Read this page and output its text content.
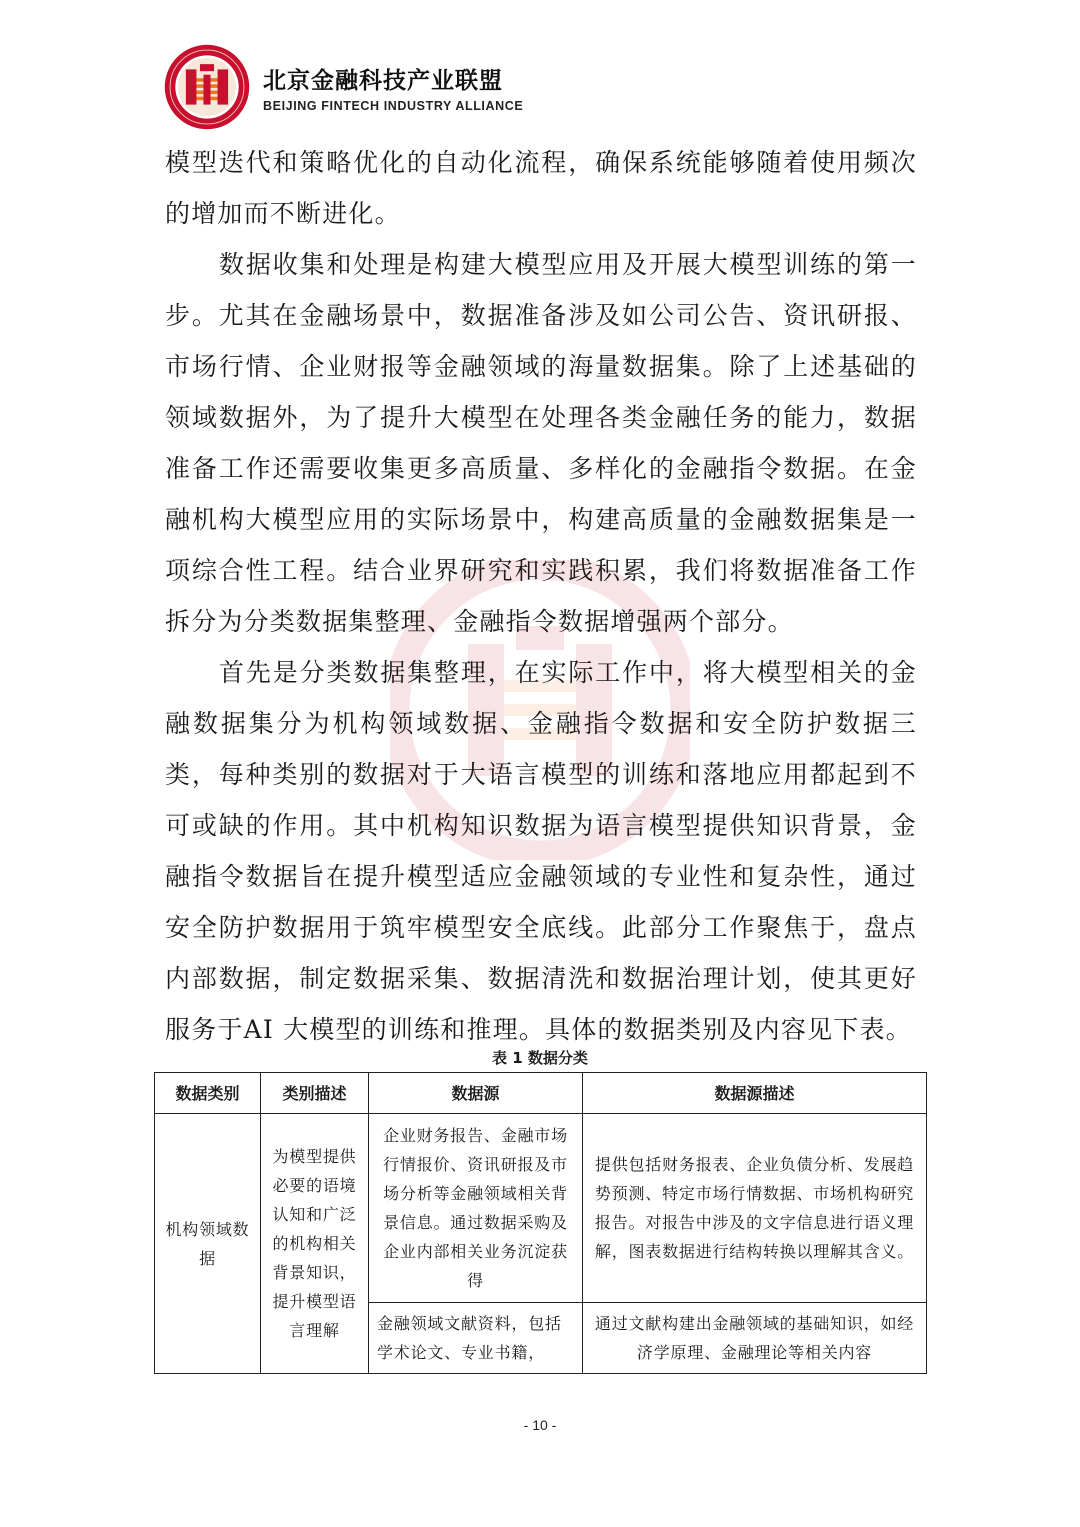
北京金融科技产业联盟
BEIJING FINTECH INDUSTRY ALLIANCE

模型迭代和策略优化的自动化流程，确保系统能够随着使用频次的增加而不断进化。

数据收集和处理是构建大模型应用及开展大模型训练的第一步。尤其在金融场景中，数据准备涉及如公司公告、资讯研报、市场行情、企业财报等金融领域的海量数据集。除了上述基础的领域数据外，为了提升大模型在处理各类金融任务的能力，数据准备工作还需要收集更多高质量、多样化的金融指令数据。在金融机构大模型应用的实际场景中，构建高质量的金融数据集是一项综合性工程。结合业界研究和实践积累，我们将数据准备工作拆分为分类数据集整理、金融指令数据增强两个部分。

首先是分类数据集整理，在实际工作中，将大模型相关的金融数据集分为机构领域数据、金融指令数据和安全防护数据三类，每种类别的数据对于大语言模型的训练和落地应用都起到不可或缺的作用。其中机构知识数据为语言模型提供知识背景，金融指令数据旨在提升模型适应金融领域的专业性和复杂性，通过安全防护数据用于筑牢模型安全底线。此部分工作聚焦于，盘点内部数据，制定数据采集、数据清洗和数据治理计划，使其更好服务于AI 大模型的训练和推理。具体的数据类别及内容见下表。

表 1 数据分类
数据类别	类别描述	数据源	数据源描述
机构领域数据	为模型提供必要的语境认知和广泛的机构相关背景知识，提升模型语言理解	企业财务报告、金融市场行情报价、资讯研报及市场分析等金融领域相关背景信息。通过数据采购及企业内部相关业务沉淀获得	提供包括财务报表、企业负债分析、发展趋势预测、特定市场行情数据、市场机构研究报告。对报告中涉及的文字信息进行语义理解，图表数据进行结构转换以理解其含义。
		金融领域文献资料，包括学术论文、专业书籍，	通过文献构建出金融领域的基础知识，如经济学原理、金融理论等相关内容
- 10 -
